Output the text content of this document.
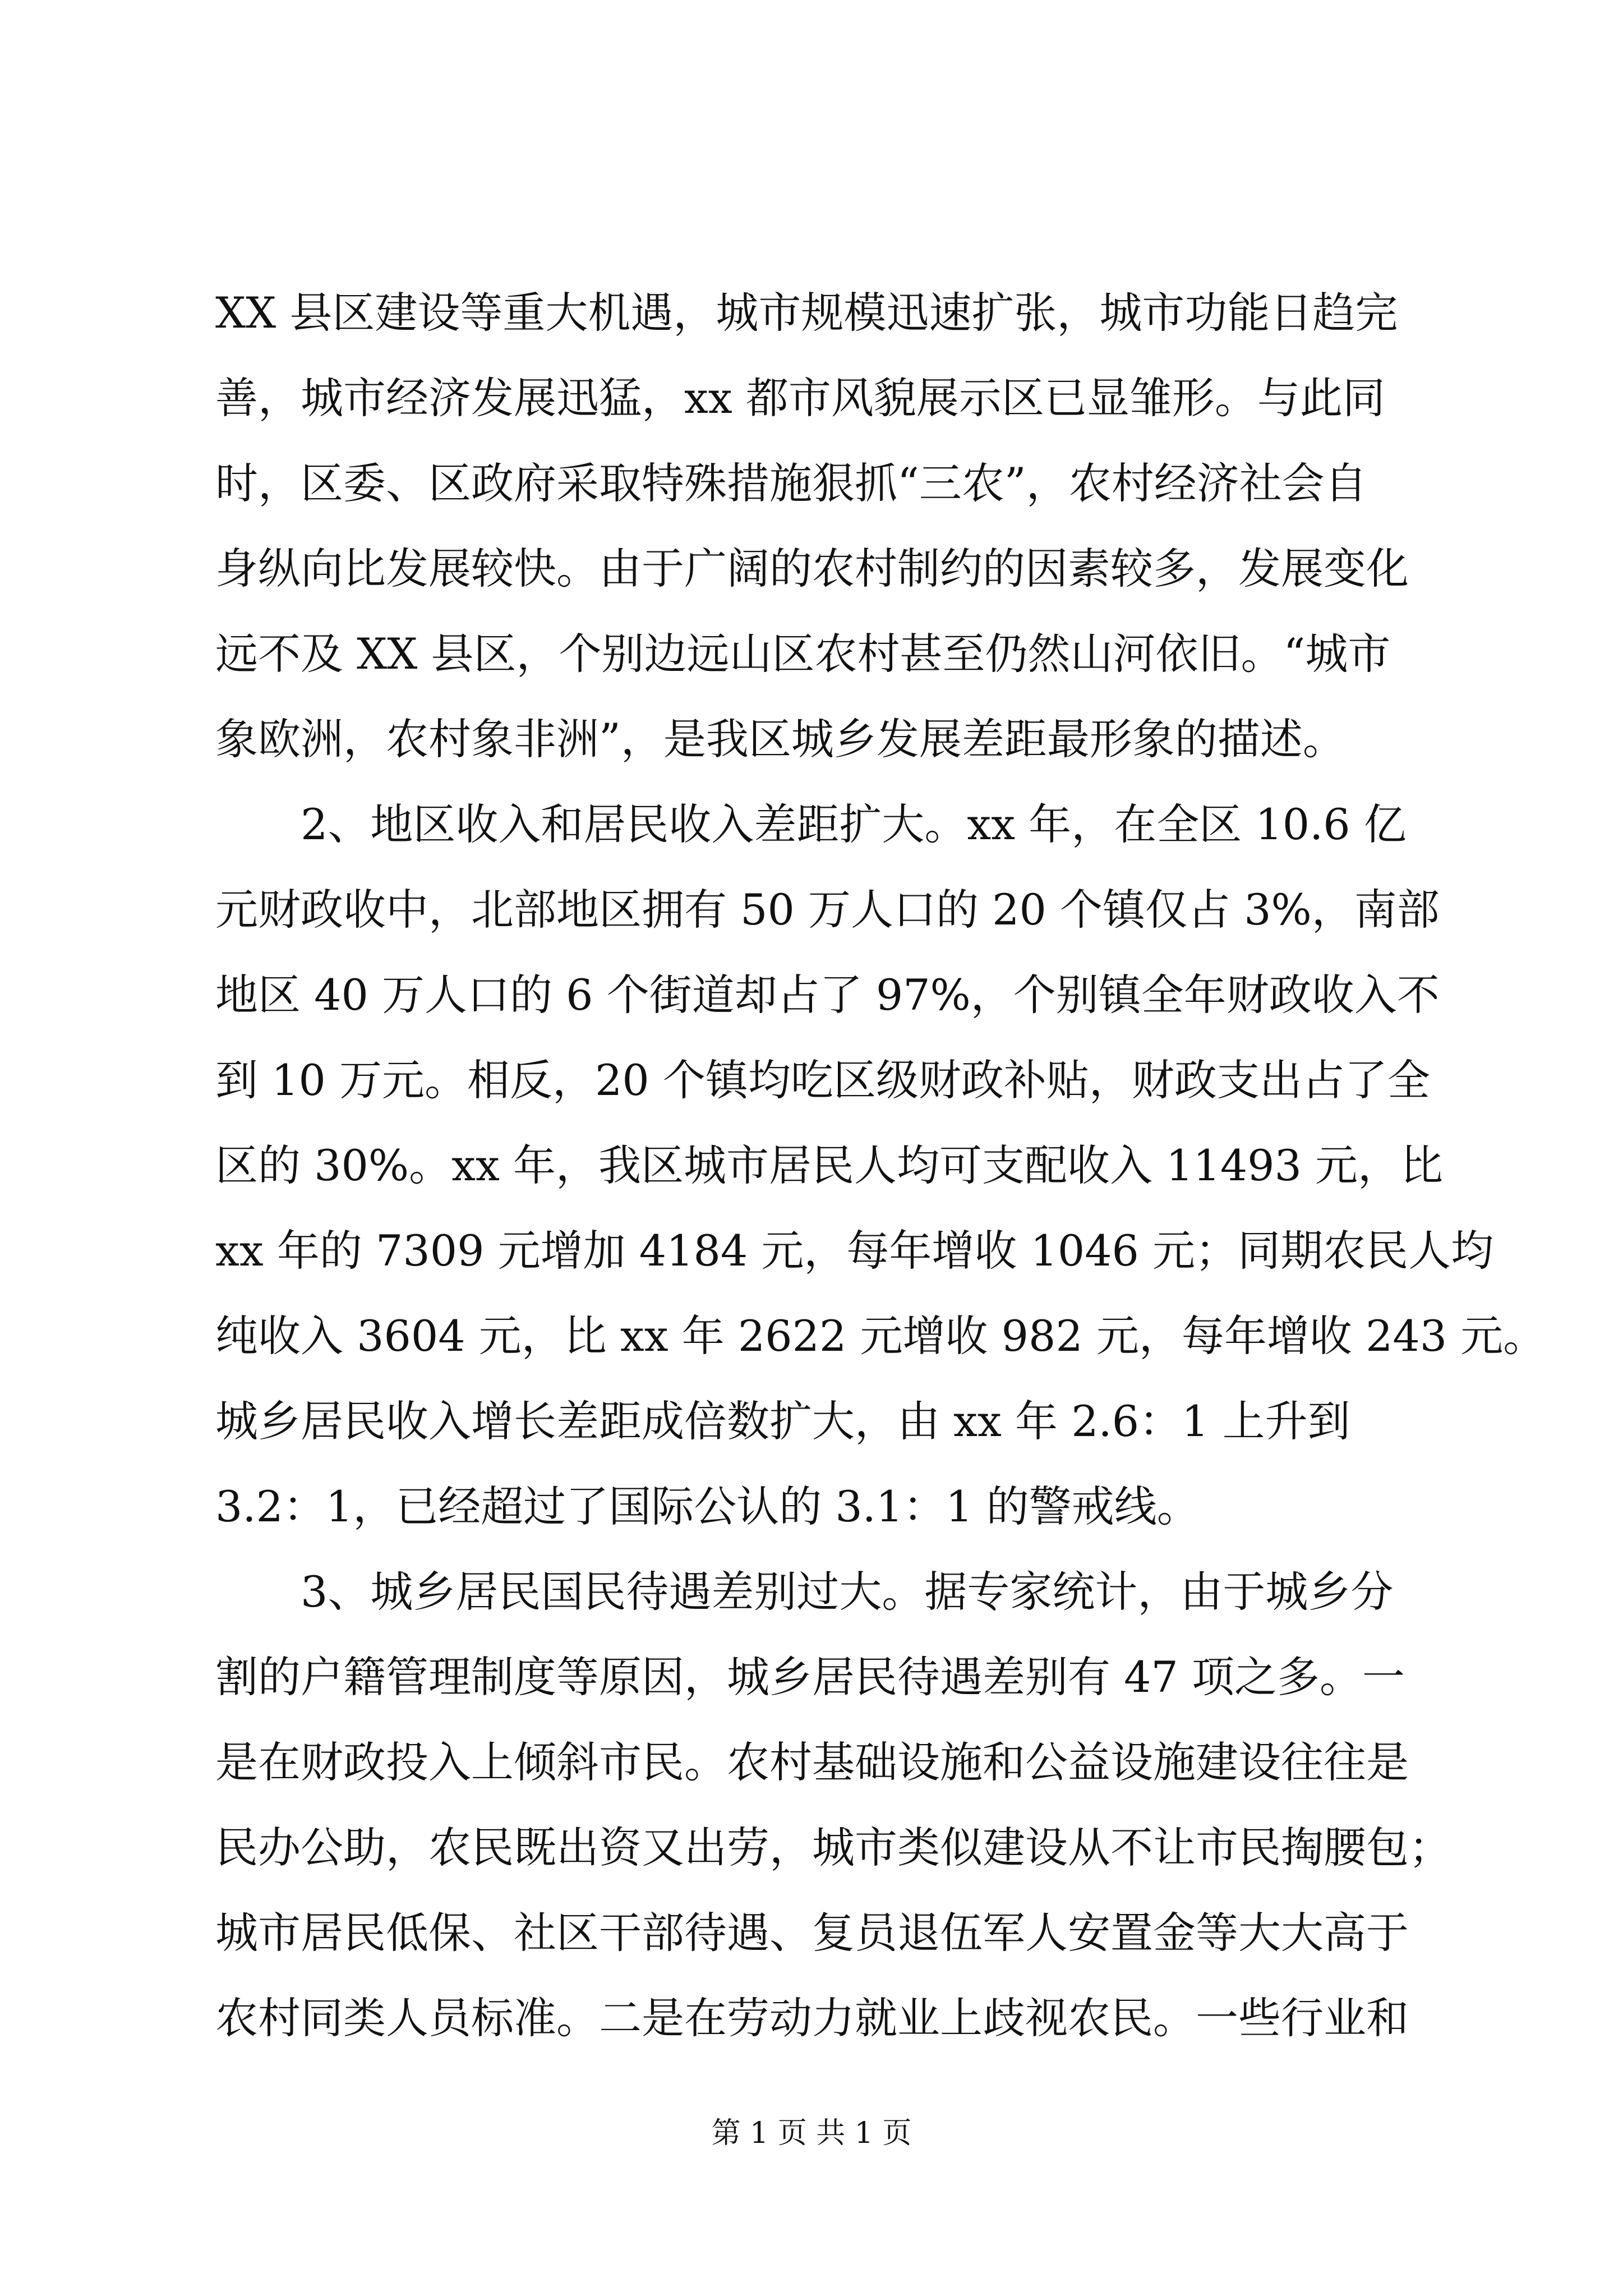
XX 县区建设等重大机遇，城市规模迅速扩张，城市功能日趋完
善，城市经济发展迅猛，xx 都市风貌展示区已显雏形。与此同
时，区委、区政府采取特殊措施狠抓“三农”，农村经济社会自
身纵向比发展较快。由于广阔的农村制约的因素较多，发展变化
远不及 XX 县区，个别边远山区农村甚至仍然山河依旧。“城市
象欧洲，农村象非洲”，是我区城乡发展差距最形象的描述。
2、地区收入和居民收入差距扩大。xx 年，在全区 10.6 亿
元财政收中，北部地区拥有 50 万人口的 20 个镇仅占 3%，南部
地区 40 万人口的 6 个街道却占了 97%，个别镇全年财政收入不
到 10 万元。相反，20 个镇均吃区级财政补贴，财政支出占了全
区的 30%。xx 年，我区城市居民人均可支配收入 11493 元，比
xx 年的 7309 元增加 4184 元，每年增收 1046 元；同期农民人均
纯收入 3604 元，比 xx 年 2622 元增收 982 元，每年增收 243 元。
城乡居民收入增长差距成倍数扩大，由 xx 年 2.6：1 上升到
3.2：1，已经超过了国际公认的 3.1：1 的警戒线。
3、城乡居民国民待遇差别过大。据专家统计，由于城乡分
割的户籍管理制度等原因，城乡居民待遇差别有 47 项之多。一
是在财政投入上倾斜市民。农村基础设施和公益设施建设往往是
民办公助，农民既出资又出劳，城市类似建设从不让市民掏腰包；
城市居民低保、社区干部待遇、复员退伍军人安置金等大大高于
农村同类人员标准。二是在劳动力就业上歧视农民。一些行业和
第 1 页 共 1 页
